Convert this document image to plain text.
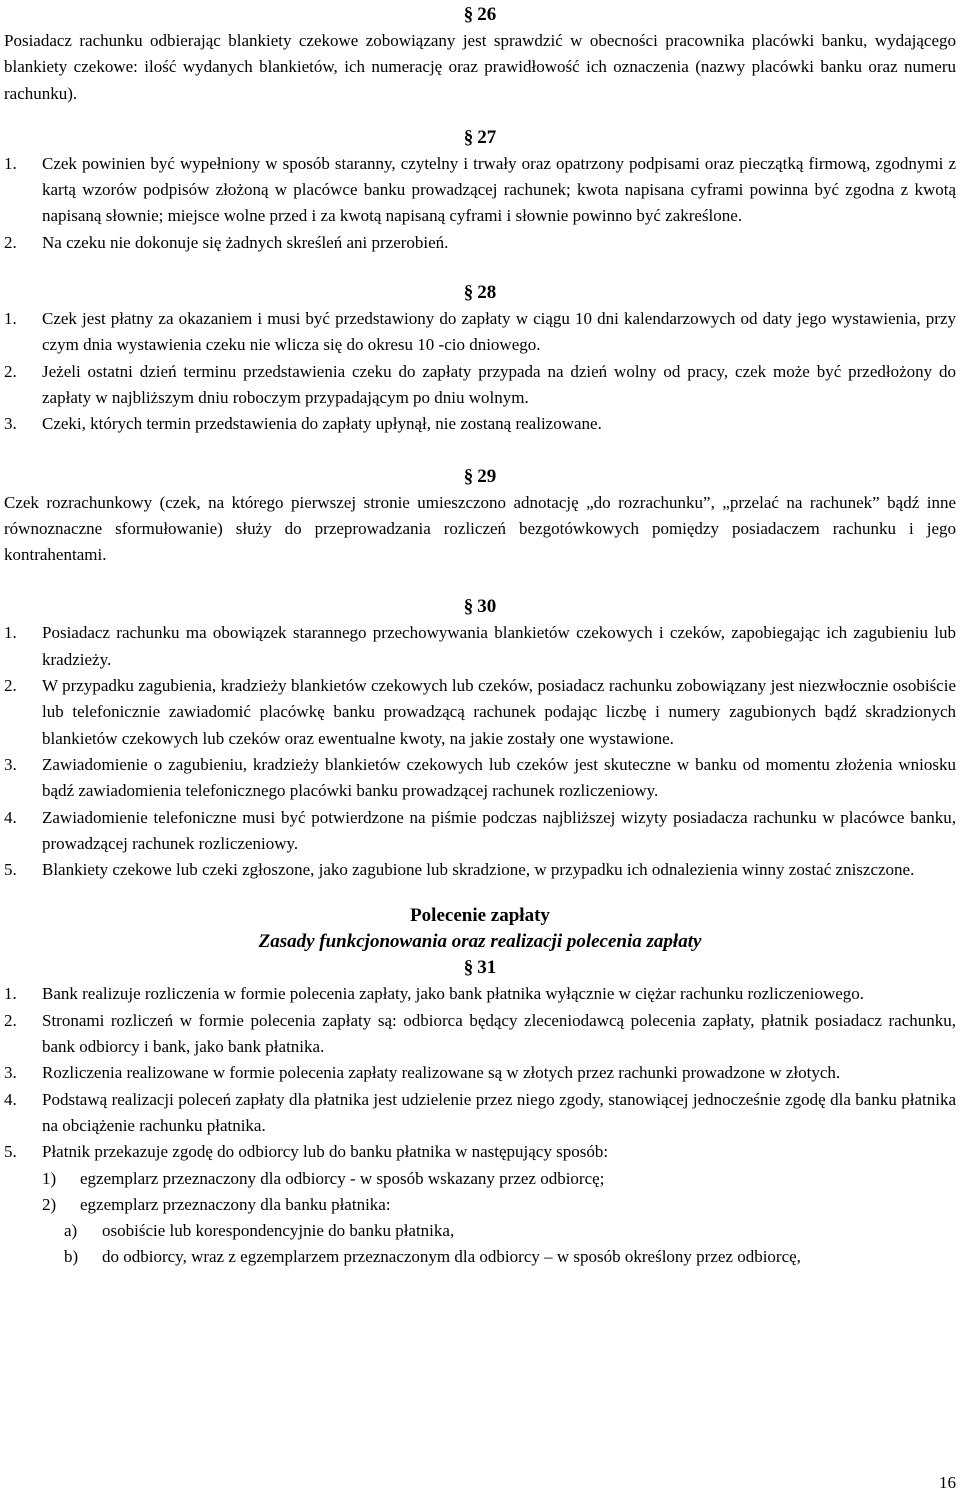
§ 26

Posiadacz rachunku odbierając blankiety czekowe zobowiązany jest sprawdzić w obecności pracownika placówki banku, wydającego blankiety czekowe: ilość wydanych blankietów, ich numerację oraz prawidłowość ich oznaczenia (nazwy placówki banku oraz numeru rachunku).

§ 27
1.	Czek powinien być wypełniony w sposób staranny, czytelny i trwały oraz opatrzony podpisami oraz pieczątką firmową, zgodnymi z kartą wzorów podpisów złożoną w placówce banku prowadzącej rachunek; kwota napisana cyframi powinna być zgodna z kwotą napisaną słownie; miejsce wolne przed i za kwotą napisaną cyframi i słownie powinno być zakreślone.
2.	Na czeku nie dokonuje się żadnych skreśleń ani przerobień.
§ 28
1.	Czek jest płatny za okazaniem i musi być przedstawiony do zapłaty w ciągu 10 dni kalendarzowych od daty jego wystawienia, przy czym dnia wystawienia czeku nie wlicza się do okresu 10 -cio dniowego.
2.	Jeżeli ostatni dzień terminu przedstawienia czeku do zapłaty przypada na dzień wolny od pracy, czek może być przedłożony do zapłaty w najbliższym dniu roboczym przypadającym po dniu wolnym.
3.	Czeki, których termin przedstawienia do zapłaty upłynął, nie zostaną realizowane.
§ 29

Czek rozrachunkowy (czek, na którego pierwszej stronie umieszczono adnotację „do rozrachunku”, „przelać na rachunek” bądź inne równoznaczne sformułowanie) służy do przeprowadzania rozliczeń bezgotówkowych pomiędzy posiadaczem rachunku i jego kontrahentami.

§ 30
1.	Posiadacz rachunku ma obowiązek starannego przechowywania blankietów czekowych i czeków, zapobiegając ich zagubieniu lub kradzieży.
2.	W przypadku zagubienia, kradzieży blankietów czekowych lub czeków, posiadacz rachunku zobowiązany jest niezwłocznie osobiście lub telefonicznie zawiadomić placówkę banku prowadzącą rachunek podając liczbę i numery zagubionych bądź skradzionych blankietów czekowych lub czeków oraz ewentualne kwoty, na jakie zostały one wystawione.
3.	Zawiadomienie o zagubieniu, kradzieży blankietów czekowych lub czeków jest skuteczne w banku od momentu złożenia wniosku bądź zawiadomienia telefonicznego placówki banku prowadzącej rachunek rozliczeniowy.
4.	Zawiadomienie telefoniczne musi być potwierdzone na piśmie podczas najbliższej wizyty posiadacza rachunku w placówce banku, prowadzącej rachunek rozliczeniowy.
5.	Blankiety czekowe lub czeki zgłoszone, jako zagubione lub skradzione, w przypadku ich odnalezienia winny zostać zniszczone.
Polecenie zapłaty
Zasady funkcjonowania oraz realizacji polecenia zapłaty
§ 31
1.	Bank realizuje rozliczenia w formie polecenia zapłaty, jako bank płatnika wyłącznie w ciężar rachunku rozliczeniowego.
2.	Stronami rozliczeń w formie polecenia zapłaty są: odbiorca będący zleceniodawcą polecenia zapłaty, płatnik posiadacz rachunku, bank odbiorcy i bank, jako bank płatnika.
3.	Rozliczenia realizowane w formie polecenia zapłaty realizowane są w złotych przez rachunki prowadzone w złotych.
4.	Podstawą realizacji poleceń zapłaty dla płatnika jest udzielenie przez niego zgody, stanowiącej jednocześnie zgodę dla banku płatnika na obciążenie rachunku płatnika.
5.	Płatnik przekazuje zgodę do odbiorcy lub do banku płatnika w następujący sposób:
1)	egzemplarz przeznaczony dla odbiorcy - w sposób wskazany przez odbiorcę;
2)	egzemplarz przeznaczony dla banku płatnika:
a)	osobiście lub korespondencyjnie do banku płatnika,
b)	do odbiorcy, wraz z egzemplarzem przeznaczonym dla odbiorcy – w sposób określony przez odbiorcę,
16
